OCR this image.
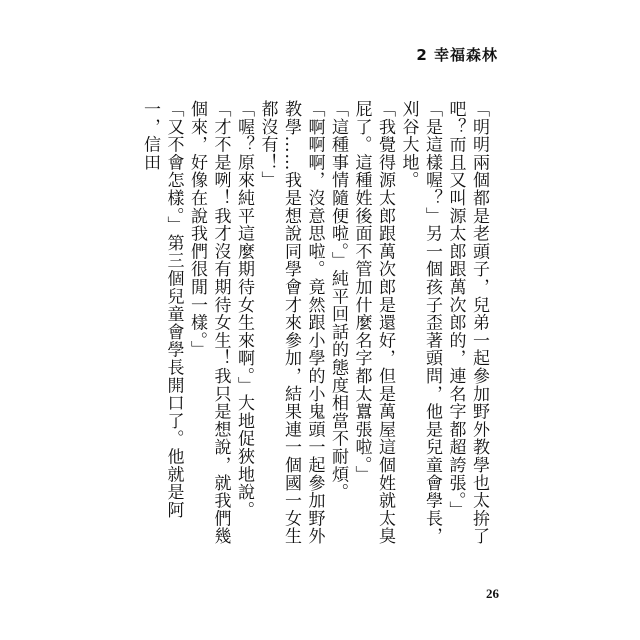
2 幸福森林

「明明兩個都是老頭子，兒弟一起參加野外教學也太拚了吧？而且又叫源太郎跟萬次郎的，連名字都超誇張。」

「是這樣喔？」另一個孩子歪著頭問，他是兒童會學長，刈谷大地。

「我覺得源太郎跟萬次郎是還好，但是萬屋這個姓就太臭屁了。這種姓後面不管加什麼名字都太囂張啦。」

「這種事情隨便啦。」純平回話的態度相當不耐煩。

「啊啊啊，沒意思啦。竟然跟小學的小鬼頭一起參加野外教學……我是想說同學會才來參加，結果連一個國一女生都沒有！」

「喔？原來純平這麼期待女生來啊。」大地促狹地說。

「才不是咧！我才沒有期待女生！我只是想說，就我們幾個來，好像在說我們很閒一樣。」

「又不會怎樣。」第三個兒童會學長開口了。他就是阿一，信田

26
